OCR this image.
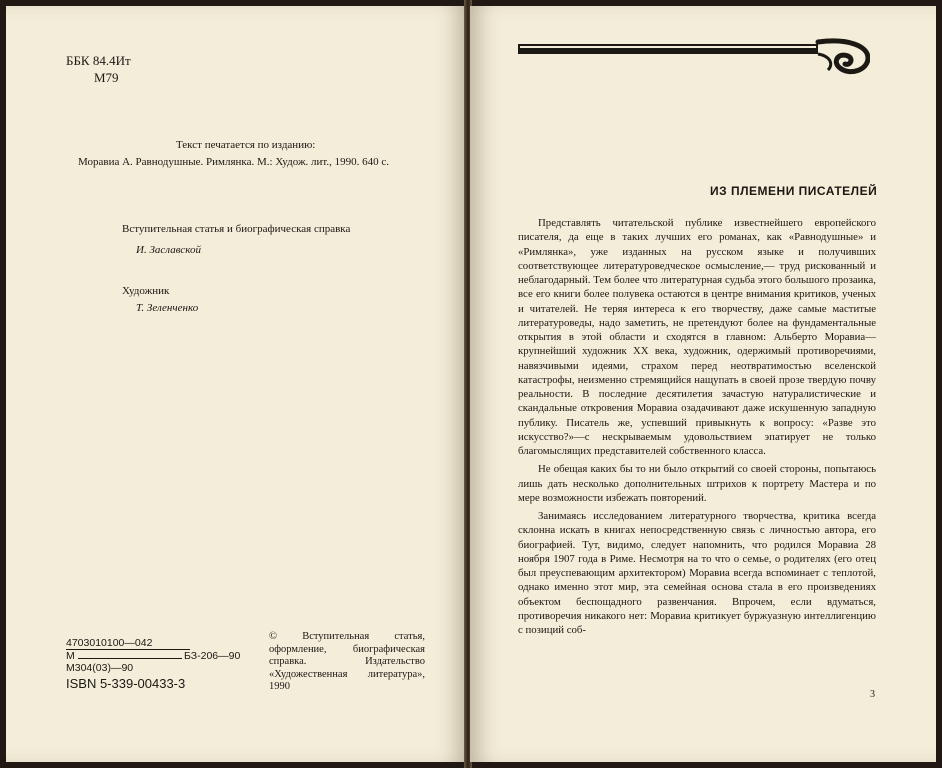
ББК 84.4Ит
М79
Текст печатается по изданию:
Моравиа А. Равнодушные. Римлянка. М.: Худож. лит., 1990. 640 с.
Вступительная статья и биографическая справка
И. Заславской
Художник
Т. Зеленченко
4703010100—042
М	БЗ-206—90
М304(03)—90
ISBN 5-339-00433-3
© Вступительная статья, оформление, биографическая справка. Издательство «Художественная литература», 1990
ИЗ ПЛЕМЕНИ ПИСАТЕЛЕЙ

Представлять читательской публике известнейшего европейского писателя, да еще в таких лучших его романах, как «Равнодушные» и «Римлянка», уже изданных на русском языке и получивших соответствующее литературоведческое осмысление,— труд рискованный и неблагодарный. Тем более что литературная судьба этого большого прозаика, все его книги более полувека остаются в центре внимания критиков, ученых и читателей. Не теряя интереса к его творчеству, даже самые маститые литературоведы, надо заметить, не претендуют более на фундаментальные открытия в этой области и сходятся в главном: Альберто Моравиа— крупнейший художник XX века, художник, одержимый противоречиями, навязчивыми идеями, страхом перед неотвратимостью вселенской катастрофы, неизменно стремящийся нащупать в своей прозе твердую почву реальности. В последние десятилетия зачастую натуралистические и скандальные откровения Моравиа озадачивают даже искушенную западную публику. Писатель же, успевший привыкнуть к вопросу: «Разве это искусство?»—с нескрываемым удовольствием эпатирует не только благомыслящих представителей собственного класса.

Не обещая каких бы то ни было открытий со своей стороны, попытаюсь лишь дать несколько дополнительных штрихов к портрету Мастера и по мере возможности избежать повторений.

Занимаясь исследованием литературного творчества, критика всегда склонна искать в книгах непосредственную связь с личностью автора, его биографией. Тут, видимо, следует напомнить, что родился Моравиа 28 ноября 1907 года в Риме. Несмотря на то что о семье, о родителях (его отец был преуспевающим архитектором) Моравиа всегда вспоминает с теплотой, однако именно этот мир, эта семейная основа стала в его произведениях объектом беспощадного развенчания. Впрочем, если вдуматься, противоречия никакого нет: Моравиа критикует буржуазную интеллигенцию с позиций соб-

3
